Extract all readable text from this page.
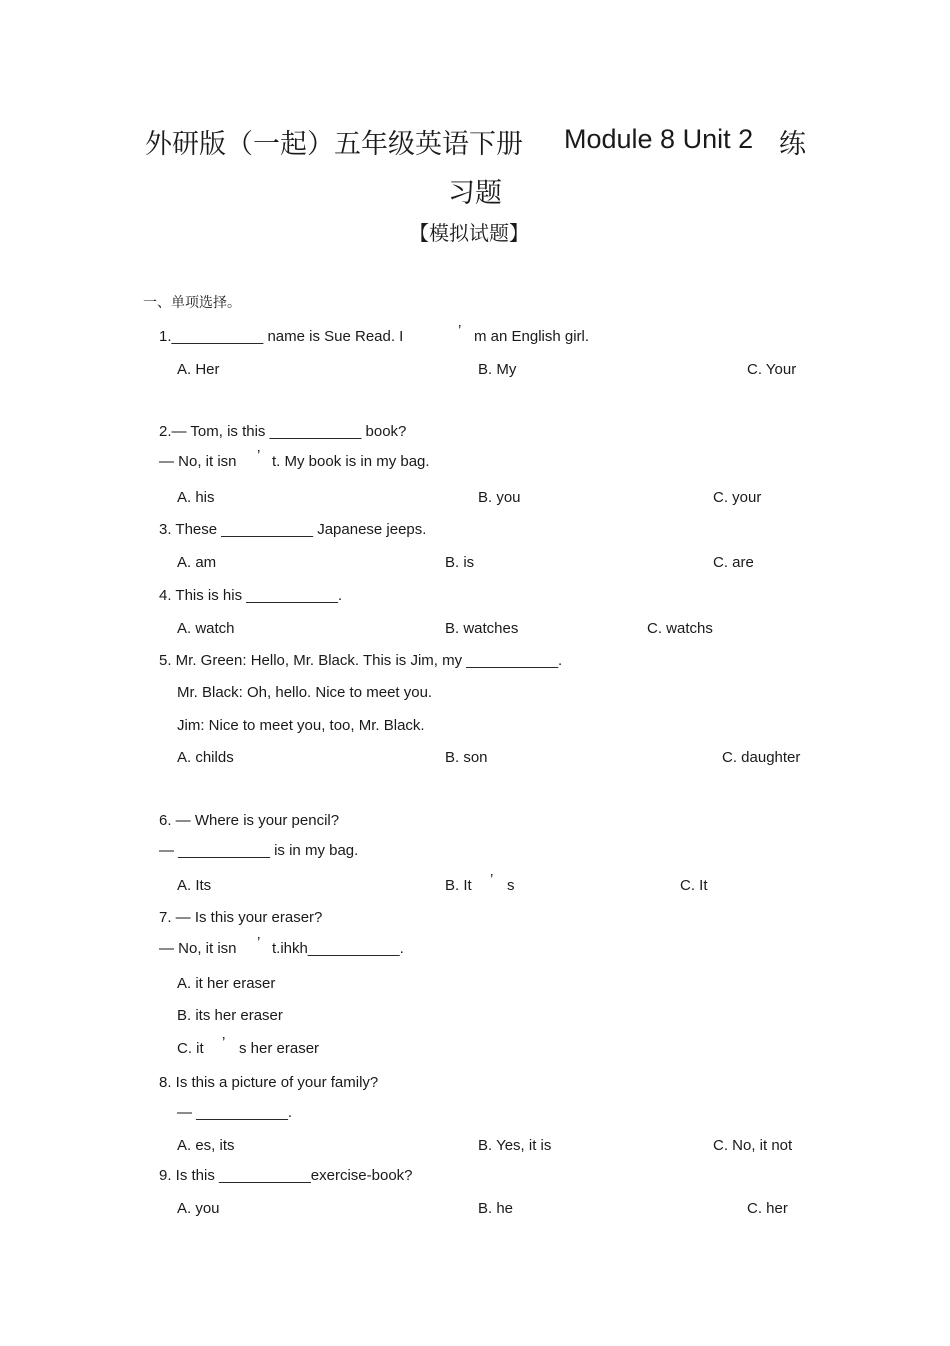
外研版（一起）五年级英语下册 Module 8 Unit 2 练
习题
【模拟试题】
一、单项选择。
1.___________ name is Sue Read. I	’ m an English girl.
A. Her	B. My	C. Your
2.— Tom, is this ___________ book?
— No, it isn ’ t. My book is in my bag.
A. his	B. you	C. your
3. These ___________ Japanese jeeps.
A. am	B. is	C. are
4. This is his ___________.
A. watch	B. watches	C. watchs
5. Mr. Green: Hello, Mr. Black. This is Jim, my ___________.
Mr. Black: Oh, hello. Nice to meet you.
Jim: Nice to meet you, too, Mr. Black.
A. childs	B. son	C. daughter
6. — Where is your pencil?
— ___________ is in my bag.
A. Its	B. It ’ s	C. It
7. — Is this your eraser?
— No, it isn ’ t.ihkh___________.
A. it her eraser
B. its her eraser
C. it ’ s her eraser
8. Is this a picture of your family?
— ___________.
A. es, its	B. Yes, it is	C. No, it not
9. Is this ___________exercise-book?
A. you	B. he	C. her
